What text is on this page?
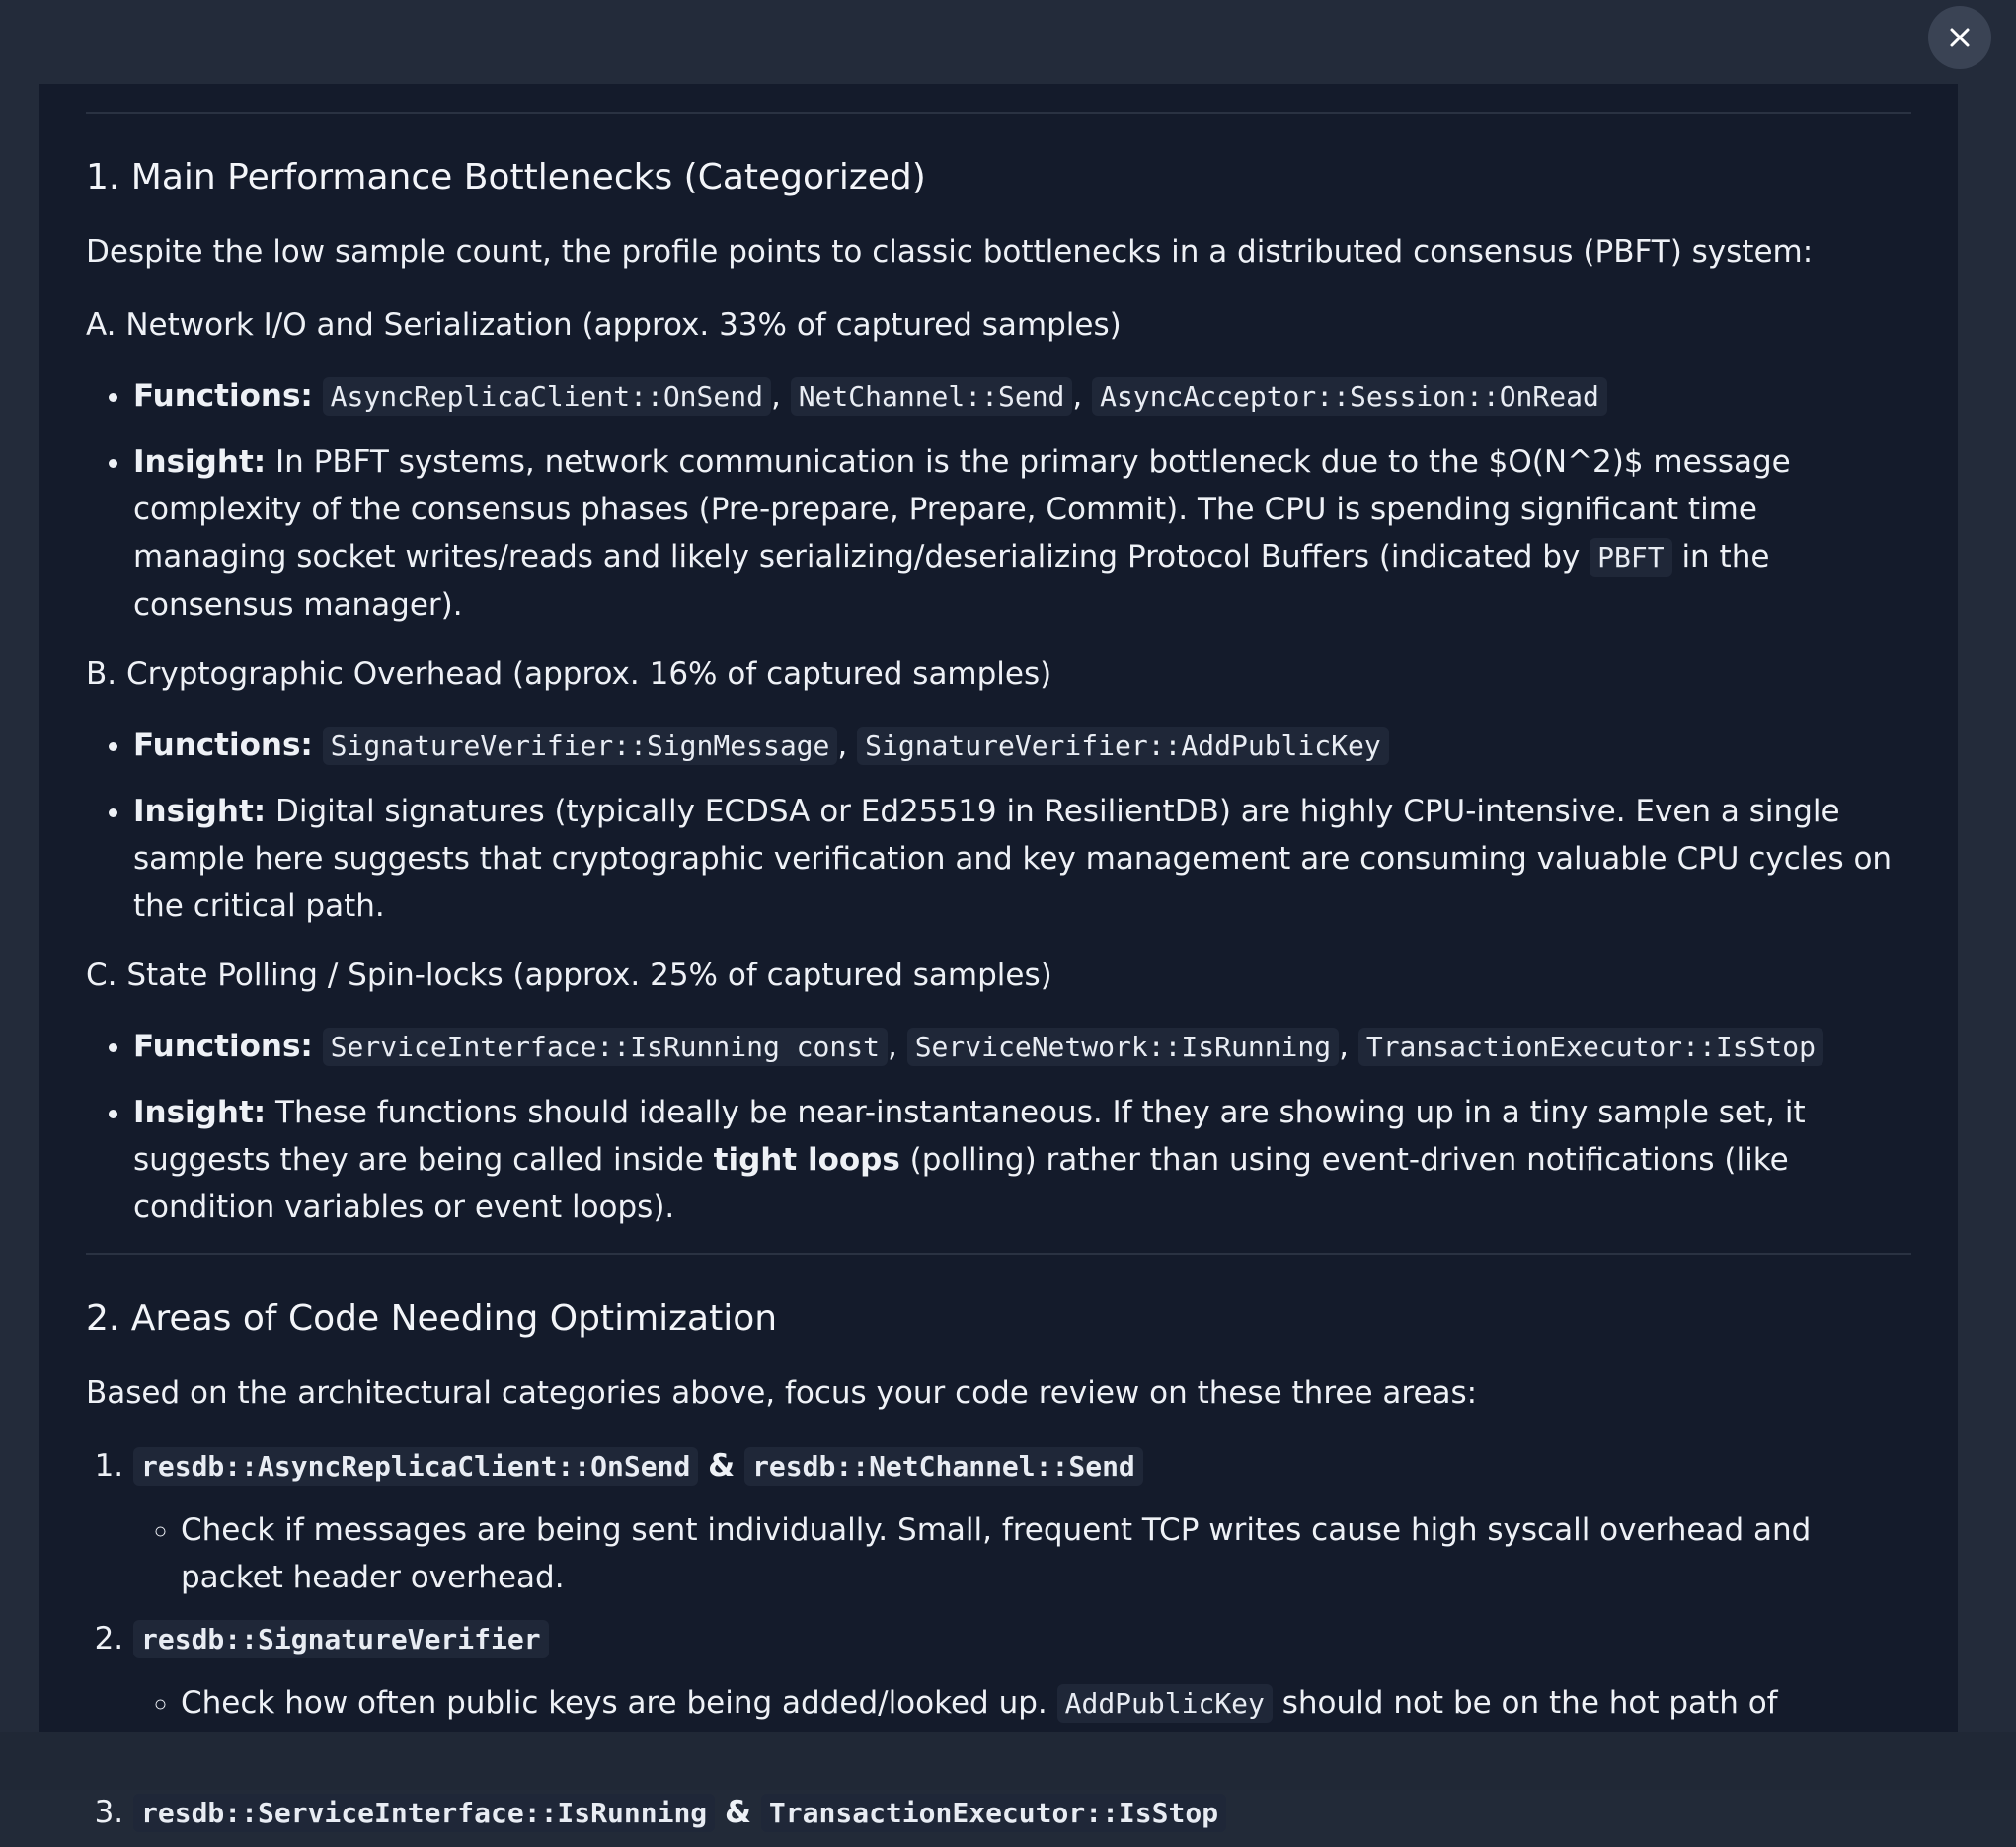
1. Main Performance Bottlenecks (Categorized)

Despite the low sample count, the profile points to classic bottlenecks in a distributed consensus (PBFT) system:

A. Network I/O and Serialization (approx. 33% of captured samples)
• Functions: AsyncReplicaClient::OnSend , NetChannel::Send , AsyncAcceptor::Session::OnRead
• Insight: In PBFT systems, network communication is the primary bottleneck due to the $O(N^2)$ message complexity of the consensus phases (Pre-prepare, Prepare, Commit). The CPU is spending significant time managing socket writes/reads and likely serializing/deserializing Protocol Buffers (indicated by PBFT in the consensus manager).
B. Cryptographic Overhead (approx. 16% of captured samples)
• Functions: SignatureVerifier::SignMessage , SignatureVerifier::AddPublicKey
• Insight: Digital signatures (typically ECDSA or Ed25519 in ResilientDB) are highly CPU-intensive. Even a single sample here suggests that cryptographic verification and key management are consuming valuable CPU cycles on the critical path.
C. State Polling / Spin-locks (approx. 25% of captured samples)
• Functions: ServiceInterface::IsRunning const , ServiceNetwork::IsRunning , TransactionExecutor::IsStop
• Insight: These functions should ideally be near-instantaneous. If they are showing up in a tiny sample set, it suggests they are being called inside tight loops (polling) rather than using event-driven notifications (like condition variables or event loops).
2. Areas of Code Needing Optimization

Based on the architectural categories above, focus your code review on these three areas:

1. resdb::AsyncReplicaClient::OnSend & resdb::NetChannel::Send
◦ Check if messages are being sent individually. Small, frequent TCP writes cause high syscall overhead and packet header overhead.
2. resdb::SignatureVerifier
◦ Check how often public keys are being added/looked up. AddPublicKey should not be on the hot path of
3. resdb::ServiceInterface::IsRunning & TransactionExecutor::IsStop
